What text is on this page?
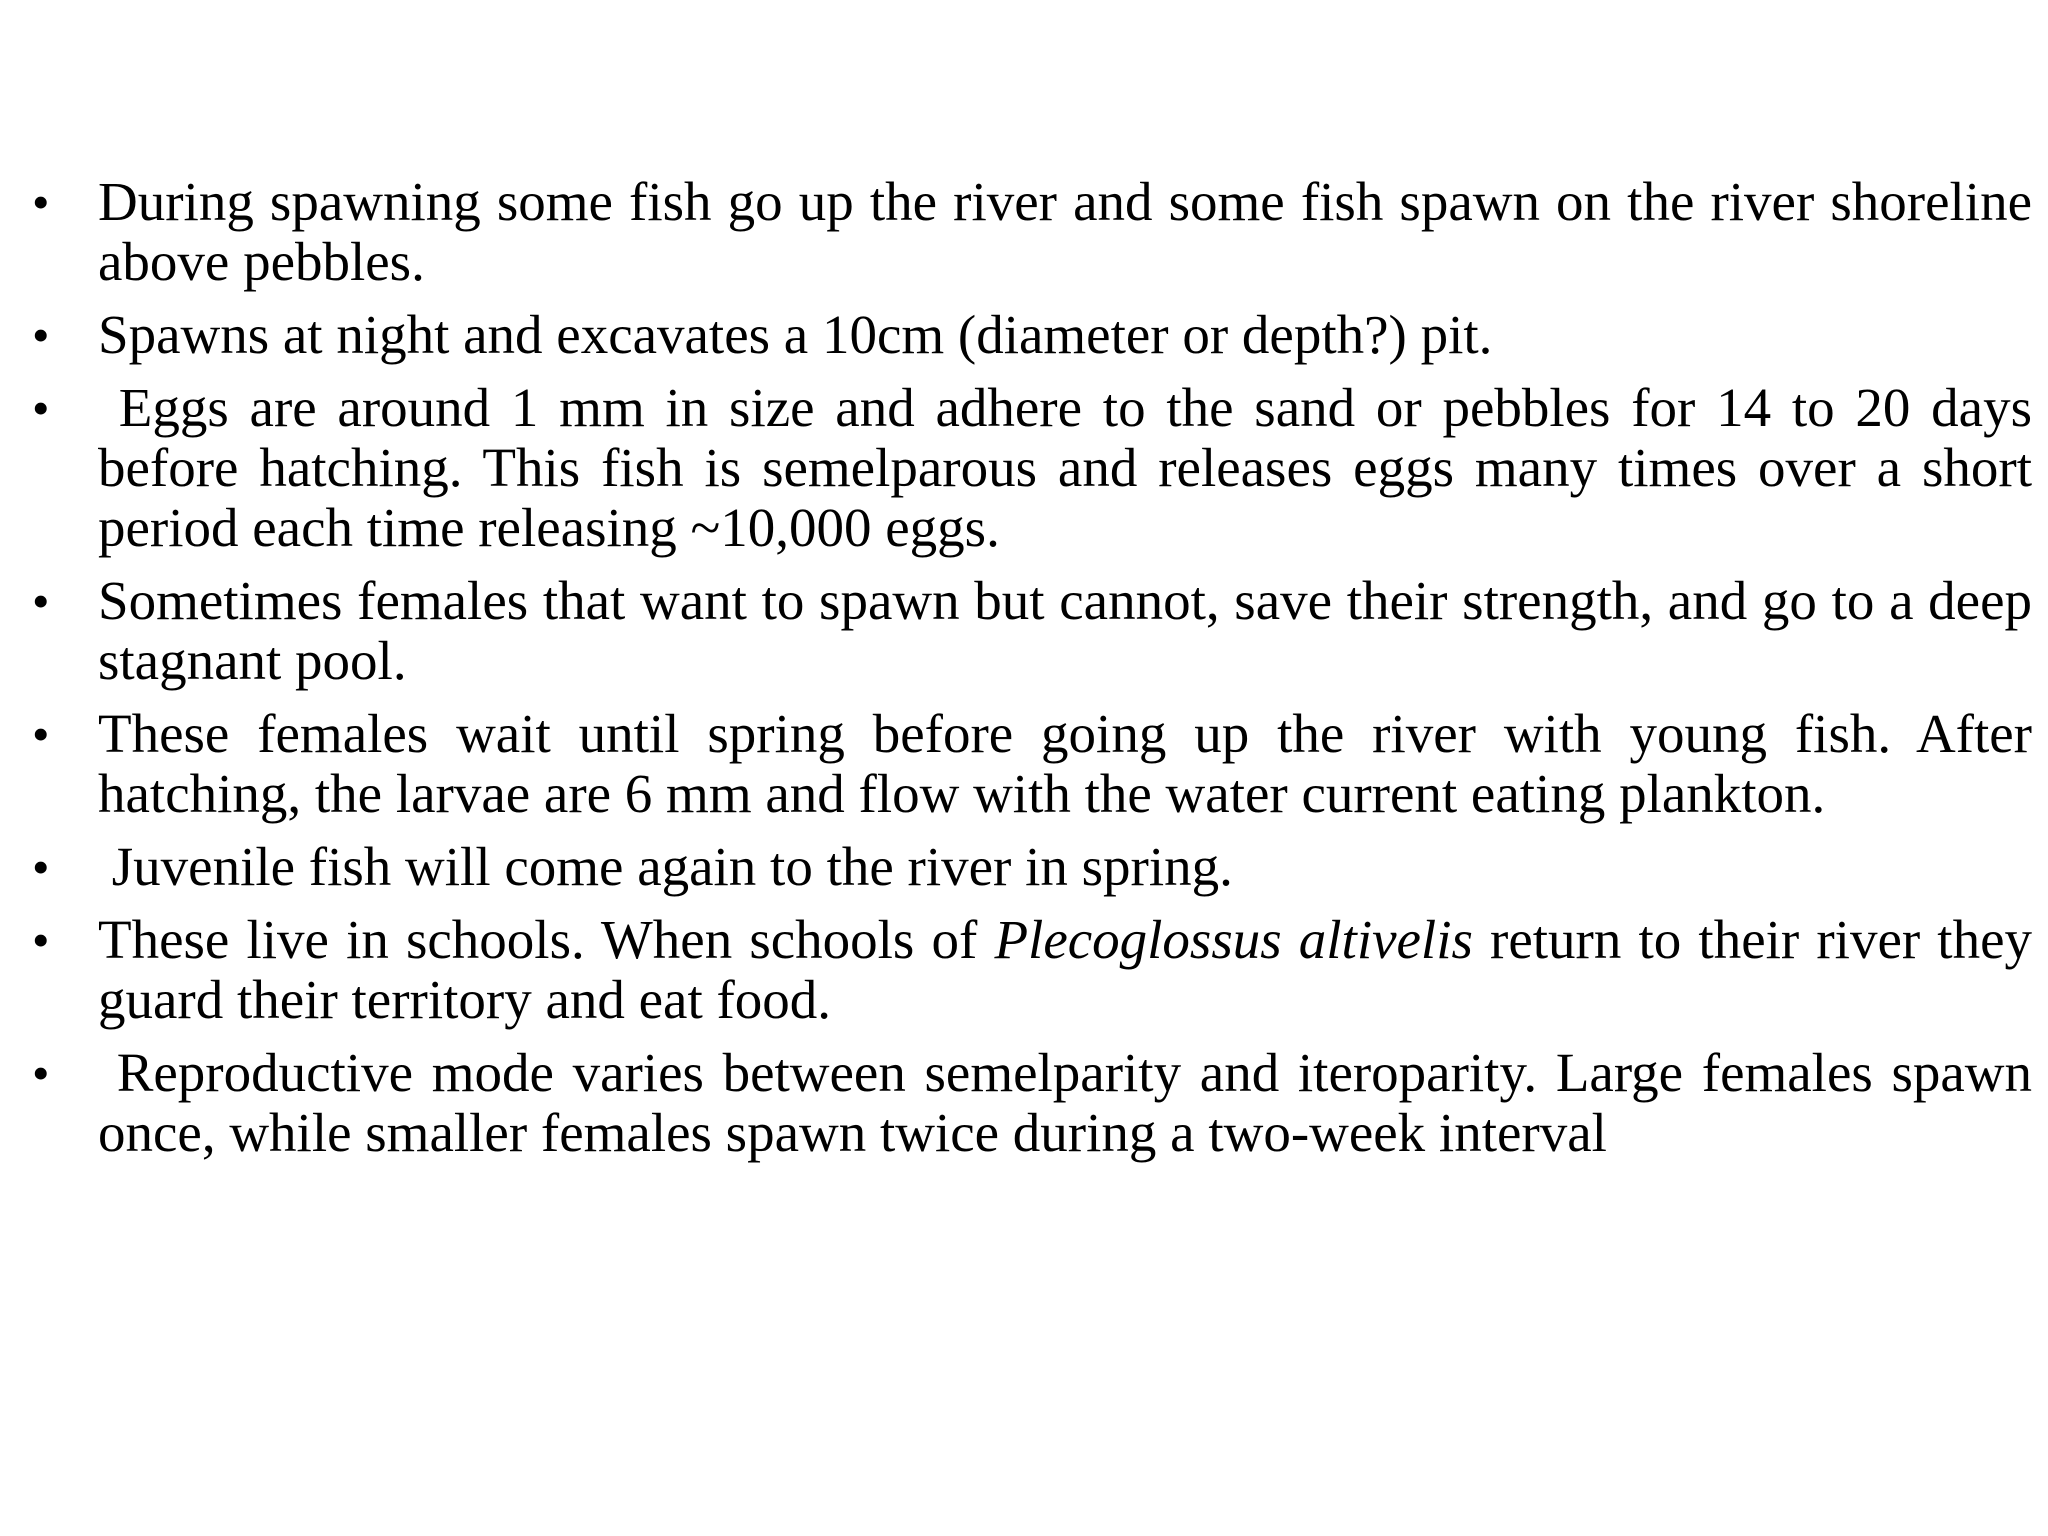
• During spawning some fish go up the river and some fish spawn on the river shoreline above pebbles.
• Spawns at night and excavates a 10cm (diameter or depth?) pit.
• Eggs are around 1 mm in size and adhere to the sand or pebbles for 14 to 20 days before hatching. This fish is semelparous and releases eggs many times over a short period each time releasing ~10,000 eggs.
• Sometimes females that want to spawn but cannot, save their strength, and go to a deep stagnant pool.
• These females wait until spring before going up the river with young fish. After hatching, the larvae are 6 mm and flow with the water current eating plankton.
• Juvenile fish will come again to the river in spring.
• These live in schools. When schools of Plecoglossus altivelis return to their river they guard their territory and eat food.
• Reproductive mode varies between semelparity and iteroparity. Large females spawn once, while smaller females spawn twice during a two-week interval
